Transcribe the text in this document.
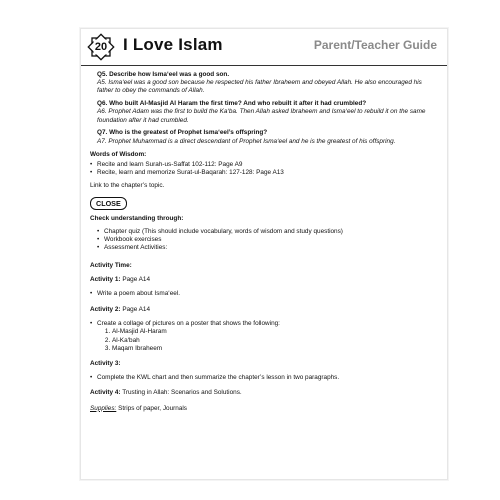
20 I Love Islam	Parent/Teacher Guide
Q5. Describe how Isma‘eel was a good son.
A5. Isma‘eel was a good son because he respected his father Ibraheem and obeyed Allah. He also encouraged his father to obey the commands of Allah.
Q6. Who built Al-Masjid Al Haram the first time? And who rebuilt it after it had crumbled?
A6. Prophet Adam was the first to build the Ka‘ba. Then Allah asked Ibraheem and Isma‘eel to rebuild it on the same foundation after it had crumbled.
Q7. Who is the greatest of Prophet Isma‘eel’s offspring?
A7. Prophet Muhammad is a direct descendant of Prophet Isma‘eel and he is the greatest of his offspring.
Words of Wisdom:
• Recite and learn Surah-us-Saffat 102-112: Page A9
• Recite, learn and memorize Surat-ul-Baqarah: 127-128: Page A13
Link to the chapter’s topic.
CLOSE
Check understanding through:
• Chapter quiz (This should include vocabulary, words of wisdom and study questions)
• Workbook exercises
• Assessment Activities:
Activity Time:
Activity 1: Page A14
• Write a poem about Isma‘eel.
Activity 2: Page A14
• Create a collage of pictures on a poster that shows the following:
1. Al-Masjid Al-Haram
2. Al-Ka‘bah
3. Maqam Ibraheem
Activity 3:
• Complete the KWL chart and then summarize the chapter’s lesson in two paragraphs.
Activity 4: Trusting in Allah: Scenarios and Solutions.
Supplies: Strips of paper, Journals
